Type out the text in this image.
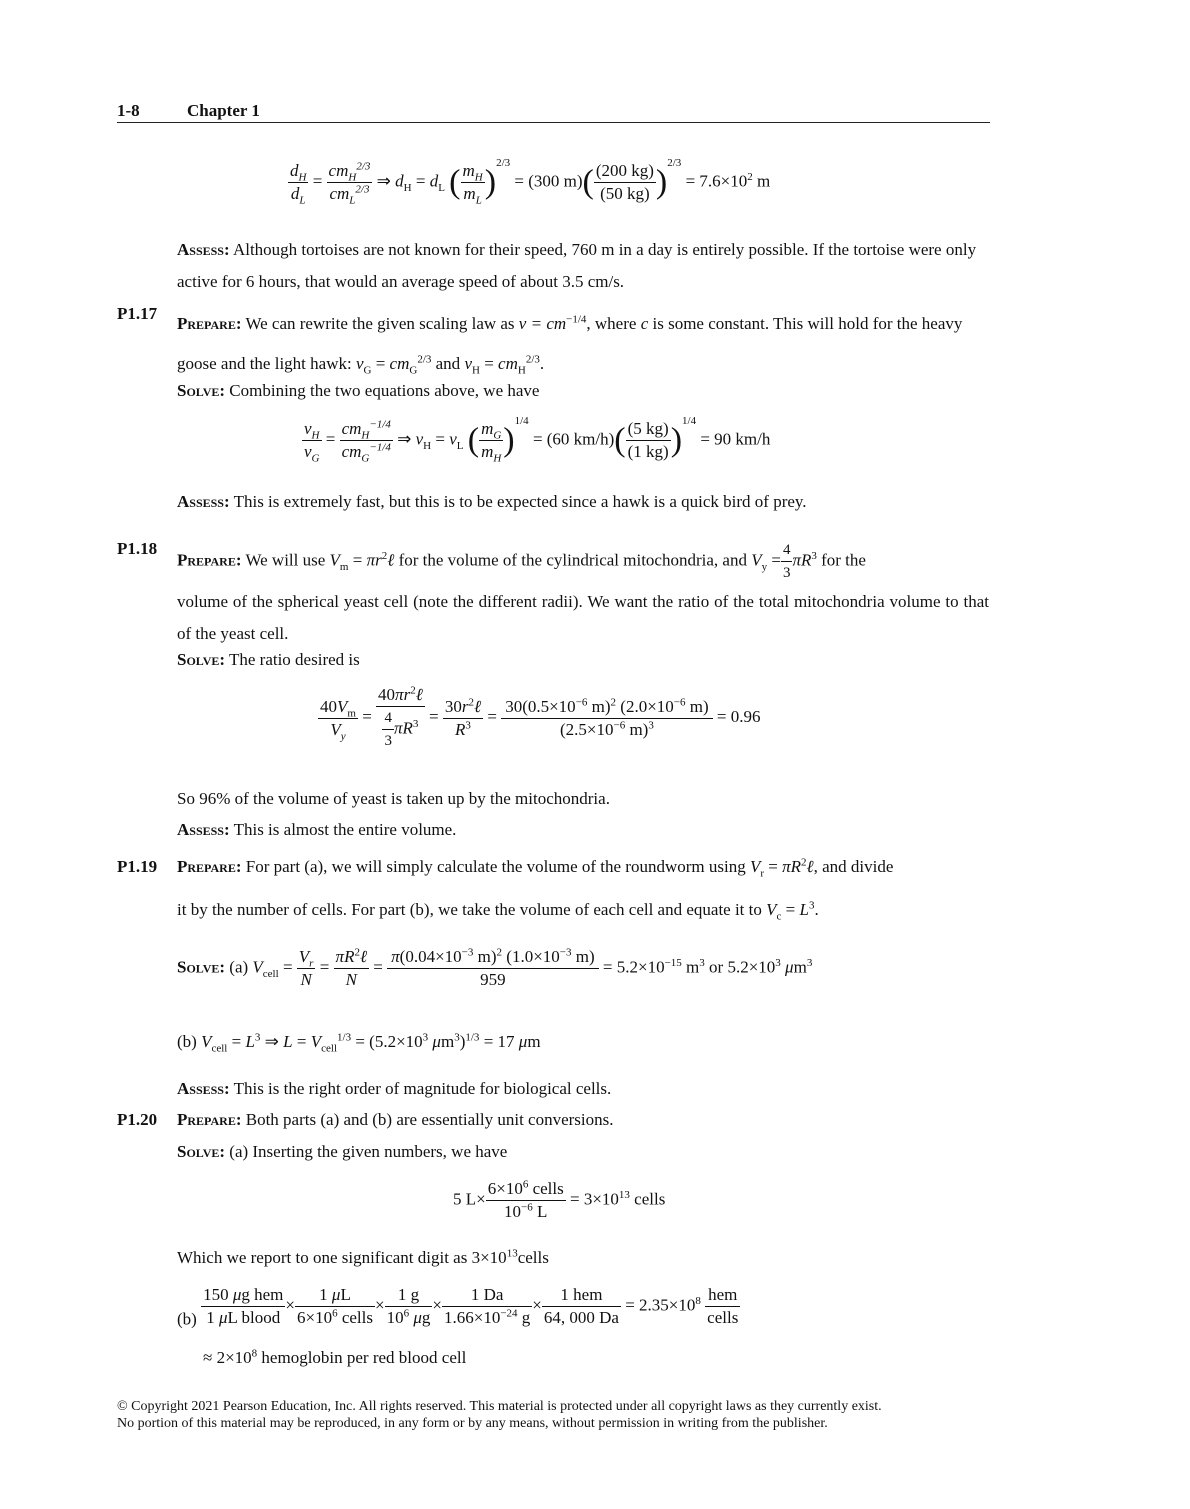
1-8	Chapter 1
$\frac{d_H}{d_L} = \frac{cm_H^{2/3}}{cm_L^{2/3}}$ ⇒ $d_H = d_L$ ( $\frac{m_H}{m_L} )^{2/3} = (300$ $m)( \frac{(200 kg)}{(50 kg)} )^{2/3} = 7.6\times 10^2$ m
Assess: Although tortoises are not known for their speed, 760 m in a day is entirely possible. If the tortoise were only active for 6 hours, that would an average speed of about 3.5 cm/s.
P1.17
Prepare: We can rewrite the given scaling law as $v = cm^{-1/4}$, where c is some constant. This will hold for the heavy goose and the light hawk: $v_G = cm_G^{2/3}$ and $v_H = cm_H^{2/3}$.
Solve: Combining the two equations above, we have
$\frac{v_H}{v_G} = \frac{cm_H^{-1/4}}{cm_G^{-1/4}}$ ⇒ $v_H = v_L$ ( $\frac{m_G}{m_H} )^{1/4} = (60$ $km/h)( \frac{(5 kg)}{(1 kg)} )^{1/4} = 90$ km/h
Assess: This is extremely fast, but this is to be expected since a hawk is a quick bird of prey.
P1.18
Prepare: We will use $V_m$ = $\pi r^2\ell$ for the volume of the cylindrical mitochondria, and $V_y = \frac{4}{3} \pi R^3$ for the
volume of the spherical yeast cell (note the different radii). We want the ratio of the total mitochondria volume to that of the yeast cell.
Solve: The ratio desired is
$\frac{40V_m}{V_y} = \frac{40\pi r^2\ell}{\frac{4}{3} \pi R^3} = \frac{30r^2\ell}{R^3} = \frac{30(0.5\times 10^{-6} m)^2 (2.0\times 10^{-6} m)}{(2.5\times 10^{-6} m)^3} = 0.96$
So 96% of the volume of yeast is taken up by the mitochondria.
Assess: This is almost the entire volume.
P1.19 Prepare: For part (a), we will simply calculate the volume of the roundworm using $V_r$ = $\pi R^2\ell$, and divide
it by the number of cells. For part (b), we take the volume of each cell and equate it to $V_c = L^3$.
Solve: (a) $V_{cell} = \frac{V_r}{N} = \frac{\pi R^2\ell}{N} = \frac{\pi(0.04\times 10^{-3} m)^2 (1.0\times 10^{-3} m)}{959} = 5.2\times 10^{-15}$ $m^3$ or $5.2\times 10^3$ $\mu m^3$
(b) $V_{cell} = L^3$ ⇒ $L = V_{cell}^{1/3} = (5.2\times 10^3$ $\mu m^3)^{1/3} = 17$ μm
Assess: This is the right order of magnitude for biological cells.
P1.20 Prepare: Both parts (a) and (b) are essentially unit conversions.
Solve: (a) Inserting the given numbers, we have
5 $L\times \frac{6\times 10^6 cells}{10^{-6} L} = 3\times 10^{13}$ cells
Which we report to one significant digit as $3\times 10^{13}cells$
$(b) \frac{\text{150 μg hem}}{\text{1 μL blood}} \times \frac{1 \mu L}{6\times 10^6 cells} \times \frac{1 g}{10^6 \mu g} \times \frac{1 Da}{1.66\times 10^{-24} g} \times \frac{\text{1 hem}}{64, 000 Da} = 2.35\times 10^8 \frac{\text{hem}}{\text{cells}}$
≈ $2\times 10^8$ hemoglobin per red blood cell
© Copyright 2021 Pearson Education, Inc. All rights reserved. This material is protected under all copyright laws as they currently exist.
No portion of this material may be reproduced, in any form or by any means, without permission in writing from the publisher.
